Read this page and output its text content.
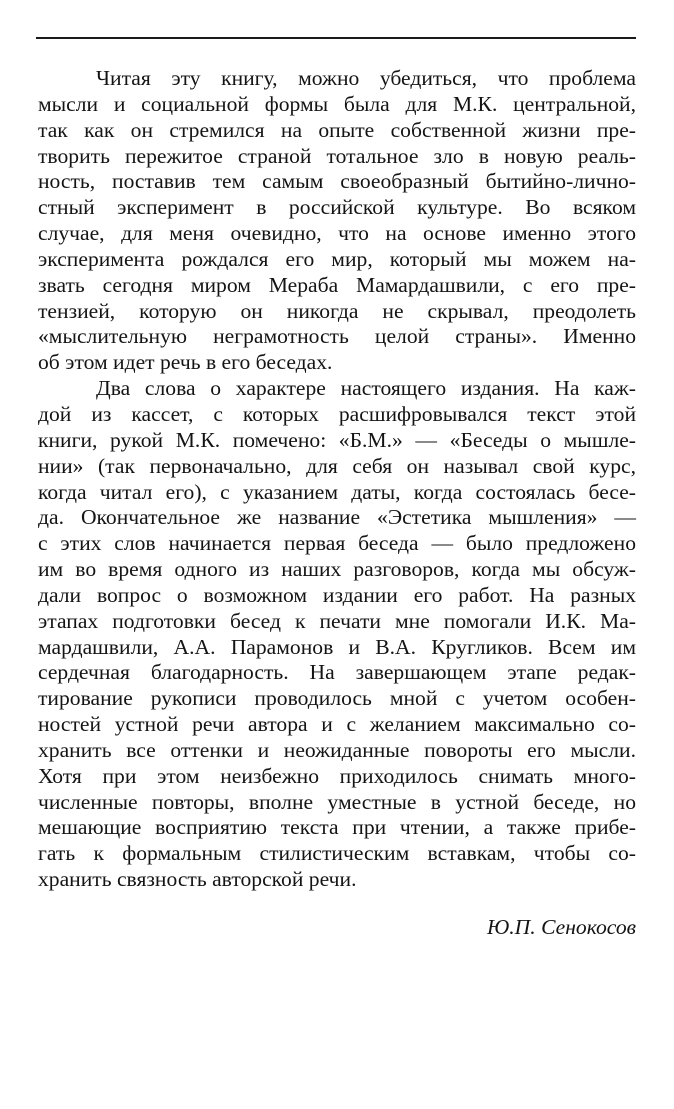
Читая эту книгу, можно убедиться, что проблема
мысли и социальной формы была для М.К. центральной,
так как он стремился на опыте собственной жизни пре-
творить пережитое страной тотальное зло в новую реаль-
ность, поставив тем самым своеобразный бытийно-лично-
стный эксперимент в российской культуре. Во всяком
случае, для меня очевидно, что на основе именно этого
эксперимента рождался его мир, который мы можем на-
звать сегодня миром Мераба Мамардашвили, с его пре-
тензией, которую он никогда не скрывал, преодолеть
«мыслительную неграмотность целой страны». Именно
об этом идет речь в его беседах.
Два слова о характере настоящего издания. На каж-
дой из кассет, с которых расшифровывался текст этой
книги, рукой М.К. помечено: «Б.М.» — «Беседы о мышле-
нии» (так первоначально, для себя он называл свой курс,
когда читал его), с указанием даты, когда состоялась бесе-
да. Окончательное же название «Эстетика мышления» —
с этих слов начинается первая беседа — было предложено
им во время одного из наших разговоров, когда мы обсуж-
дали вопрос о возможном издании его работ. На разных
этапах подготовки бесед к печати мне помогали И.К. Ма-
мардашвили, А.А. Парамонов и В.А. Кругликов. Всем им
сердечная благодарность. На завершающем этапе редак-
тирование рукописи проводилось мной с учетом особен-
ностей устной речи автора и с желанием максимально со-
хранить все оттенки и неожиданные повороты его мысли.
Хотя при этом неизбежно приходилось снимать много-
численные повторы, вполне уместные в устной беседе, но
мешающие восприятию текста при чтении, а также прибе-
гать к формальным стилистическим вставкам, чтобы со-
хранить связность авторской речи.
Ю.П. Сенокосов
